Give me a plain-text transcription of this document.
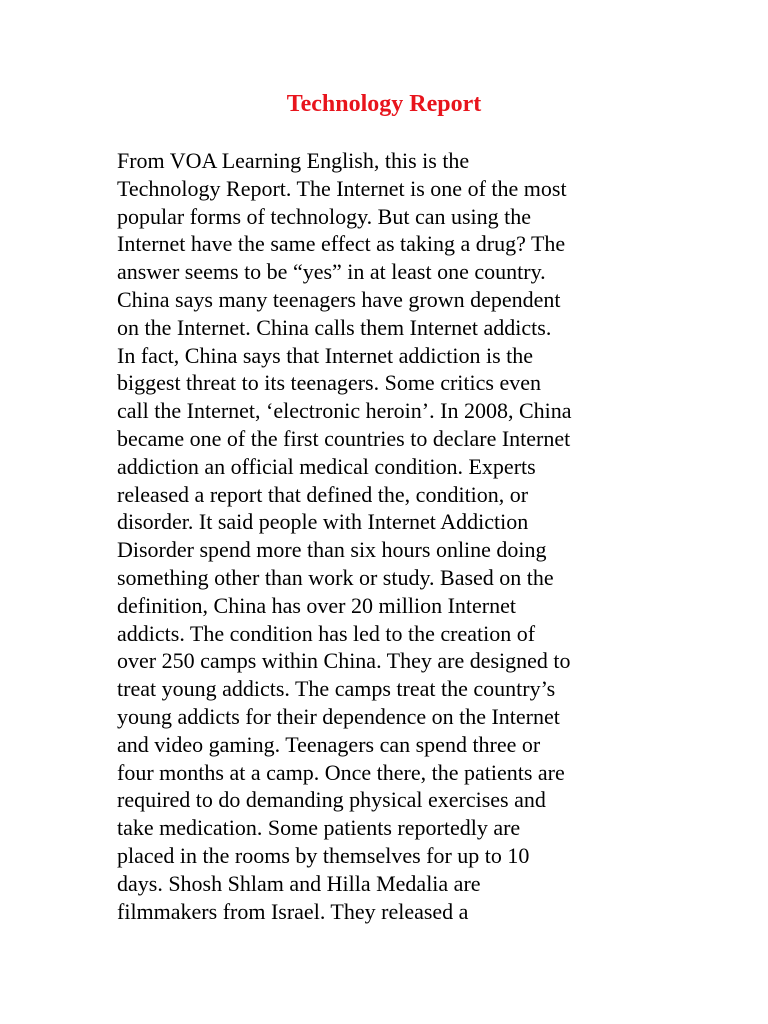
Technology Report
From VOA Learning English, this is the
Technology Report. The Internet is one of the most
popular forms of technology. But can using the
Internet have the same effect as taking a drug? The
answer seems to be “yes” in at least one country.
China says many teenagers have grown dependent
on the Internet. China calls them Internet addicts.
In fact, China says that Internet addiction is the
biggest threat to its teenagers. Some critics even
call the Internet, ‘electronic heroin’. In 2008, China
became one of the first countries to declare Internet
addiction an official medical condition. Experts
released a report that defined the, condition, or
disorder. It said people with Internet Addiction
Disorder spend more than six hours online doing
something other than work or study. Based on the
definition, China has over 20 million Internet
addicts. The condition has led to the creation of
over 250 camps within China. They are designed to
treat young addicts. The camps treat the country’s
young addicts for their dependence on the Internet
and video gaming. Teenagers can spend three or
four months at a camp. Once there, the patients are
required to do demanding physical exercises and
take medication. Some patients reportedly are
placed in the rooms by themselves for up to 10
days. Shosh Shlam and Hilla Medalia are
filmmakers from Israel. They released a
